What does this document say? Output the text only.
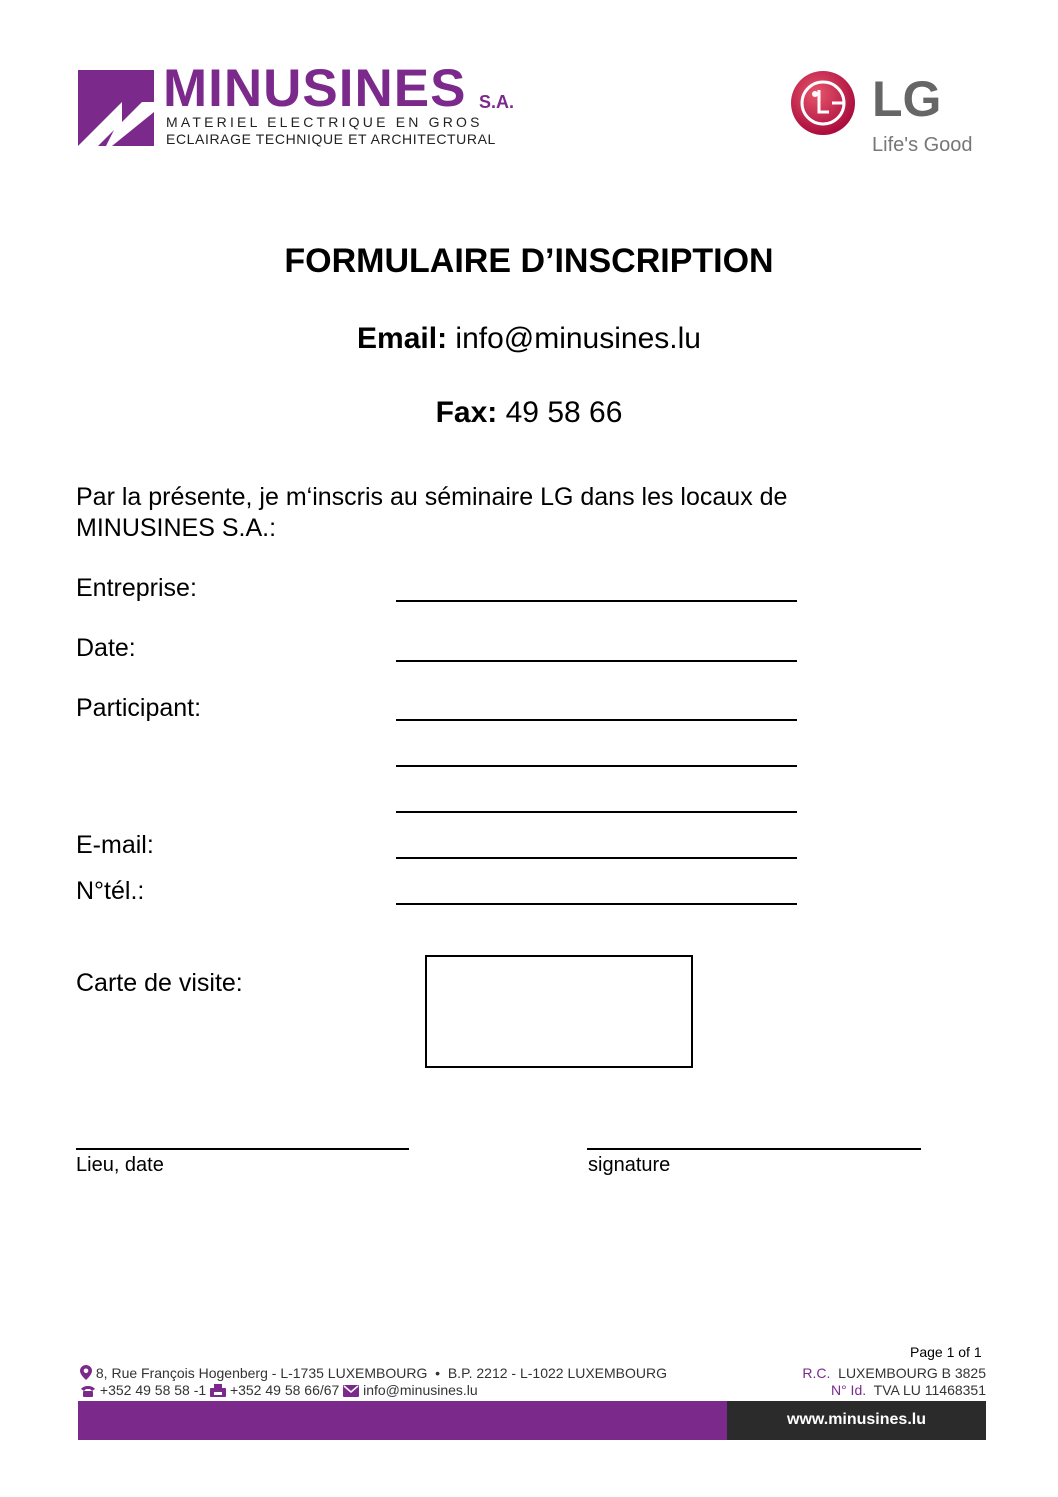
MINUSINES S.A.
MATERIEL ELECTRIQUE EN GROS
ECLAIRAGE TECHNIQUE ET ARCHITECTURAL
LG
Life's Good
FORMULAIRE D’INSCRIPTION
Email: info@minusines.lu
Fax: 49 58 66
Par la présente, je m‘inscris au séminaire LG dans les locaux de MINUSINES S.A.:
Entreprise:
Date:
Participant:
E-mail:
N°tél.:
Carte de visite:
Lieu, date	signature
Page 1 of 1
8, Rue François Hogenberg - L-1735 LUXEMBOURG  •  B.P. 2212 - L-1022 LUXEMBOURG
+352 49 58 58 -1 +352 49 58 66/67 info@minusines.lu
R.C. LUXEMBOURG B 3825
N° Id. TVA LU 11468351
www.minusines.lu
